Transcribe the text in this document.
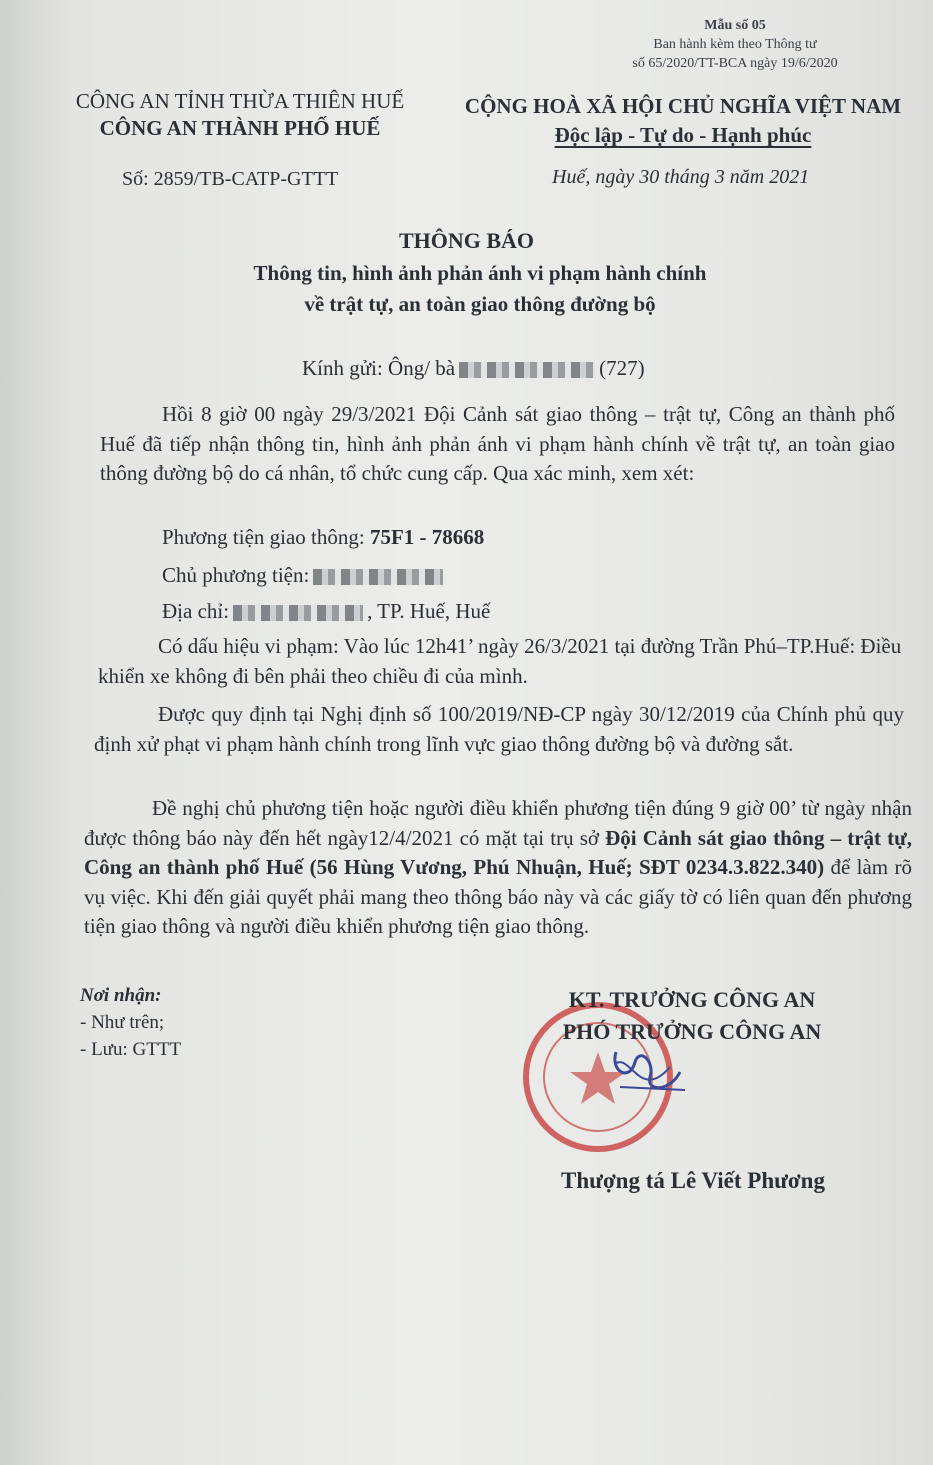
Mẫu số 05
Ban hành kèm theo Thông tư
số 65/2020/TT-BCA ngày 19/6/2020
CÔNG AN TỈNH THỪA THIÊN HUẾ
CÔNG AN THÀNH PHỐ HUẾ
CỘNG HOÀ XÃ HỘI CHỦ NGHĨA VIỆT NAM
Độc lập - Tự do - Hạnh phúc
Số: 2859/TB-CATP-GTTT	Huế, ngày 30 tháng 3 năm 2021
THÔNG BÁO
Thông tin, hình ảnh phản ánh vi phạm hành chính
về trật tự, an toàn giao thông đường bộ
Kính gửi: Ông/ bà	(727)
Hồi 8 giờ 00 ngày 29/3/2021 Đội Cảnh sát giao thông – trật tự, Công an thành phố Huế đã tiếp nhận thông tin, hình ảnh phản ánh vi phạm hành chính về trật tự, an toàn giao thông đường bộ do cá nhân, tổ chức cung cấp. Qua xác minh, xem xét:
Phương tiện giao thông: 75F1 - 78668
Chủ phương tiện:
Địa chỉ:	, TP. Huế, Huế
Có dấu hiệu vi phạm: Vào lúc 12h41’ ngày 26/3/2021 tại đường Trần Phú–TP.Huế: Điều khiển xe không đi bên phải theo chiều đi của mình.
Được quy định tại Nghị định số 100/2019/NĐ-CP ngày 30/12/2019 của Chính phủ quy định xử phạt vi phạm hành chính trong lĩnh vực giao thông đường bộ và đường sắt.
Đề nghị chủ phương tiện hoặc người điều khiển phương tiện đúng 9 giờ 00’ từ ngày nhận được thông báo này đến hết ngày12/4/2021 có mặt tại trụ sở Đội Cảnh sát giao thông – trật tự, Công an thành phố Huế (56 Hùng Vương, Phú Nhuận, Huế; SĐT 0234.3.822.340) để làm rõ vụ việc. Khi đến giải quyết phải mang theo thông báo này và các giấy tờ có liên quan đến phương tiện giao thông và người điều khiển phương tiện giao thông.
Nơi nhận:
- Như trên;
- Lưu: GTTT
KT. TRƯỞNG CÔNG AN
PHÓ TRƯỞNG CÔNG AN
Thượng tá Lê Viết Phương
